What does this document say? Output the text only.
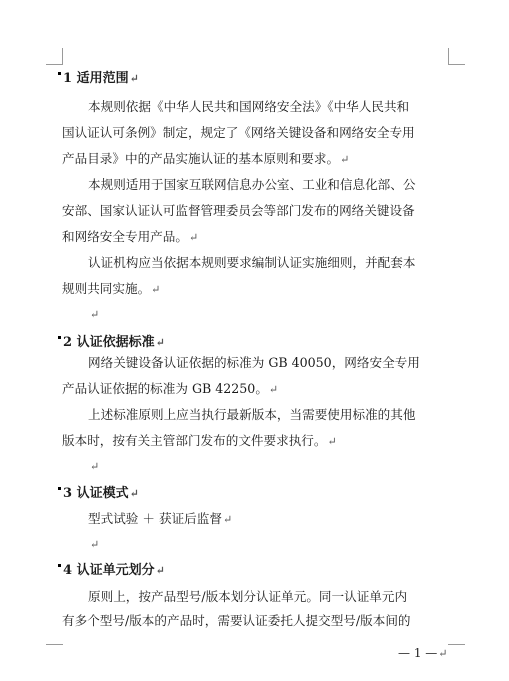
1 适用范围↵
本规则依据《中华人民共和国网络安全法》《中华人民共和
国认证认可条例》制定，规定了《网络关键设备和网络安全专用
产品目录》中的产品实施认证的基本原则和要求。↵
本规则适用于国家互联网信息办公室、工业和信息化部、公
安部、国家认证认可监督管理委员会等部门发布的网络关键设备
和网络安全专用产品。↵
认证机构应当依据本规则要求编制认证实施细则，并配套本
规则共同实施。↵
↵
2 认证依据标准↵
网络关键设备认证依据的标准为 GB 40050，网络安全专用
产品认证依据的标准为 GB 42250。↵
上述标准原则上应当执行最新版本，当需要使用标准的其他
版本时，按有关主管部门发布的文件要求执行。↵
↵
3 认证模式↵
型式试验 ＋ 获证后监督↵
↵
4 认证单元划分↵
原则上，按产品型号/版本划分认证单元。同一认证单元内
有多个型号/版本的产品时，需要认证委托人提交型号/版本间的
— 1 —↵
